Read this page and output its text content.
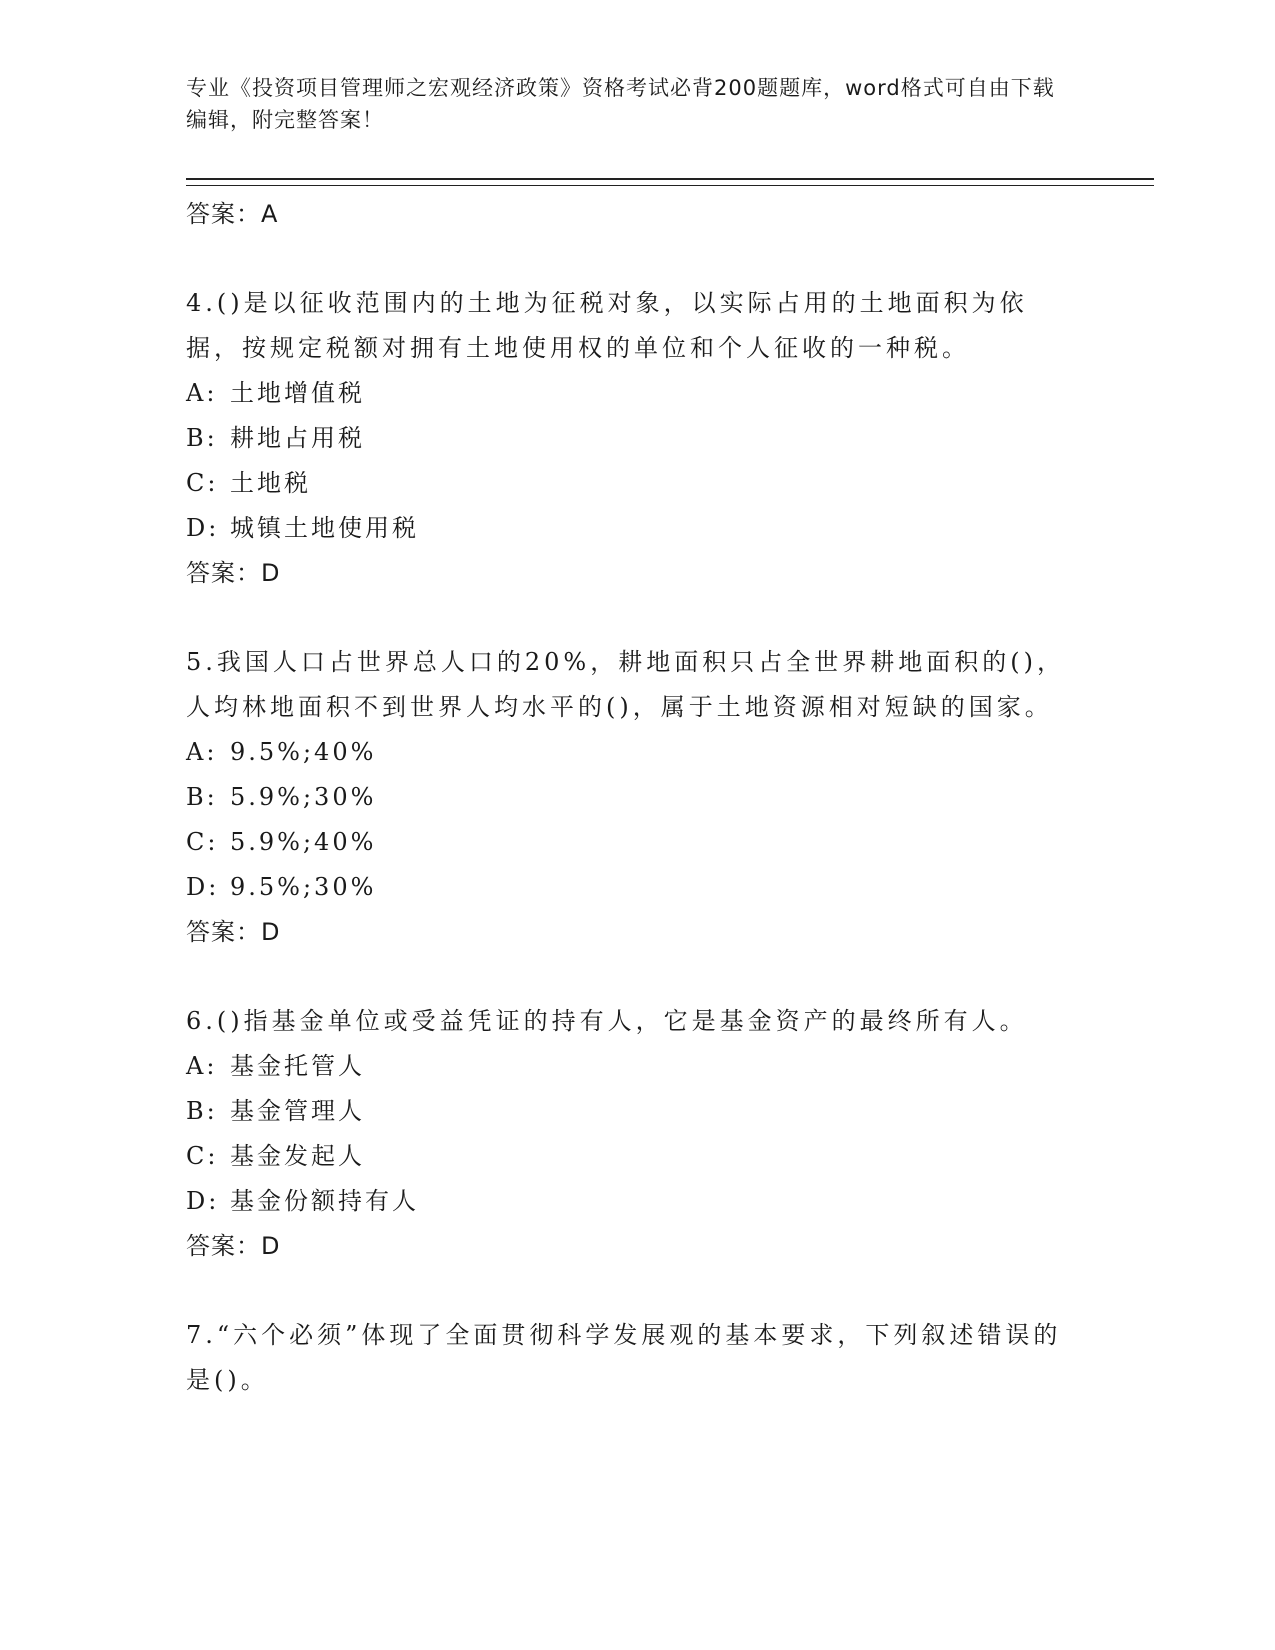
专业《投资项目管理师之宏观经济政策》资格考试必背200题题库，word格式可自由下载编辑，附完整答案！
答案：A

4.()是以征收范围内的土地为征税对象，以实际占用的土地面积为依据，按规定税额对拥有土地使用权的单位和个人征收的一种税。

A: 土地增值税
B: 耕地占用税
C: 土地税
D: 城镇土地使用税
答案：D

5.我国人口占世界总人口的20%，耕地面积只占全世界耕地面积的()，人均林地面积不到世界人均水平的()，属于土地资源相对短缺的国家。

A: 9.5%;40%
B: 5.9%;30%
C: 5.9%;40%
D: 9.5%;30%
答案：D

6.()指基金单位或受益凭证的持有人，它是基金资产的最终所有人。

A: 基金托管人
B: 基金管理人
C: 基金发起人
D: 基金份额持有人
答案：D

7.“六个必须”体现了全面贯彻科学发展观的基本要求，下列叙述错误的是()。
